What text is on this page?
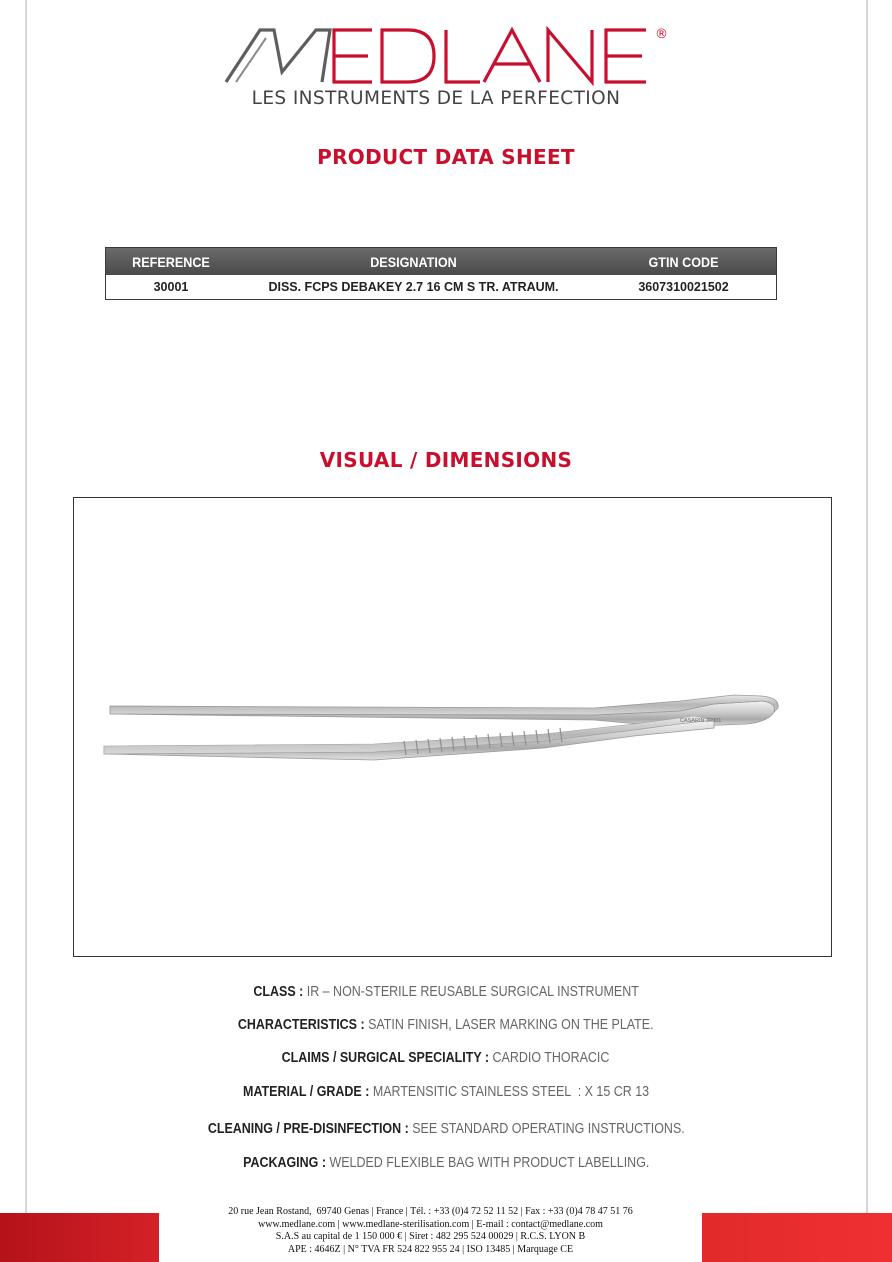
®
LES INSTRUMENTS DE LA PERFECTION
PRODUCT DATA SHEET
REFERENCE	DESIGNATION	GTIN CODE
30001	DISS. FCPS DEBAKEY 2.7 16 CM S TR. ATRAUM.	3607310021502
VISUAL / DIMENSIONS
CASARIN 30001
CLASS : IR – NON-STERILE REUSABLE SURGICAL INSTRUMENT
CHARACTERISTICS : SATIN FINISH, LASER MARKING ON THE PLATE.
CLAIMS / SURGICAL SPECIALITY : CARDIO THORACIC
MATERIAL / GRADE : MARTENSITIC STAINLESS STEEL  : X 15 CR 13
CLEANING / PRE-DISINFECTION : SEE STANDARD OPERATING INSTRUCTIONS.
PACKAGING : WELDED FLEXIBLE BAG WITH PRODUCT LABELLING.
20 rue Jean Rostand,  69740 Genas | France | Tél. : +33 (0)4 72 52 11 52 | Fax : +33 (0)4 78 47 51 76
www.medlane.com | www.medlane-sterilisation.com | E-mail : contact@medlane.com
S.A.S au capital de 1 150 000 € | Siret : 482 295 524 00029 | R.C.S. LYON B
APE : 4646Z | N° TVA FR 524 822 955 24 | ISO 13485 | Marquage CE
